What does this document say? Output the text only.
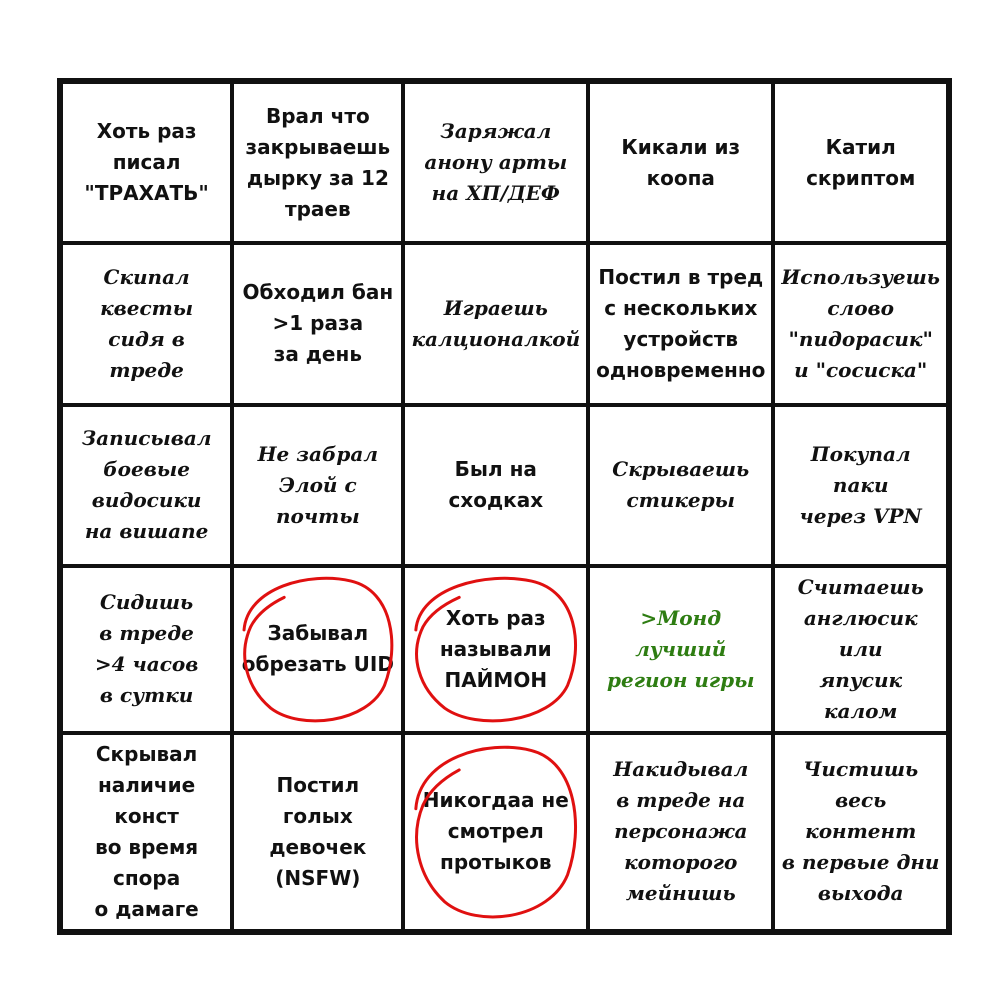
Хоть раз
писал
"ТРАХАТЬ"
Врал что
закрываешь
дырку за 12
траев
Заряжал
анону арты
на ХП/ДЕФ
Кикали из
коопа
Катил
скриптом
Скипал квесты
сидя в треде
Обходил бан
>1 раза
за день
Играешь
калционалкой
Постил в тред
с нескольких
устройств
одновременно
Используешь
слово
"пидорасик"
и "сосиска"
Записывал
боевые
видосики
на вишапе
Не забрал
Элой с почты
Был на
сходках
Скрываешь
стикеры
Покупал паки
через VPN
Сидишь
в треде
>4 часов
в сутки
Забывал
обрезать UID
Хоть раз
называли
ПАЙМОН
>Монд лучший
регион игры
Считаешь
англюсик или
япусик
калом
Скрывал
наличие конст
во время спора
о дамаге
Постил
голых
девочек
(NSFW)
Никогдаа не
смотрел
протыков
Накидывал
в треде на
персонажа
которого
мейнишь
Чистишь весь
контент
в первые дни
выхода
